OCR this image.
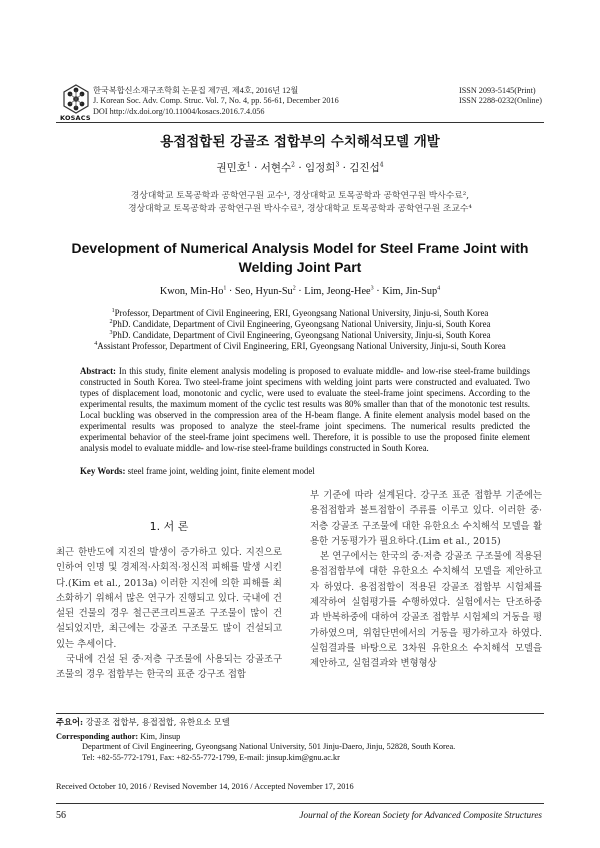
KOSACS
한국복합신소재구조학회 논문집 제7권, 제4호, 2016년 12월
J. Korean Soc. Adv. Comp. Struc. Vol. 7, No. 4, pp. 56-61, December 2016
DOI http://dx.doi.org/10.11004/kosacs.2016.7.4.056
ISSN 2093-5145(Print)
ISSN 2288-0232(Online)
용접접합된 강골조 접합부의 수치해석모델 개발
권민호$^1$ · 서현수$^2$ · 임정희$^3$ · 김진섭$^4$
경상대학교 토목공학과 공학연구원 교수¹, 경상대학교 토목공학과 공학연구원 박사수료²,
경상대학교 토목공학과 공학연구원 박사수료³, 경상대학교 토목공학과 공학연구원 조교수⁴
Development of Numerical Analysis Model for Steel Frame Joint with
Welding Joint Part
Kwon, Min-$Ho^1$ · Seo, Hyun-$Su^2$ · Lim, Jeong-Hee$^3$ · Kim, Jin-Sup$^4$
$^1$Professor, Department of Civil Engineering, ERI, Gyeongsang National University, Jinju-si, South Korea
$^2$PhD. Candidate, Department of Civil Engineering, Gyeongsang National University, Jinju-si, South Korea
$^3$PhD. Candidate, Department of Civil Engineering, Gyeongsang National University, Jinju-si, South Korea
$^4$Assistant Professor, Department of Civil Engineering, ERI, Gyeongsang National University, Jinju-si, South Korea
Abstract: In this study, finite element analysis modeling is proposed to evaluate middle- and low-rise steel-frame buildings constructed in South Korea. Two steel-frame joint specimens with welding joint parts were constructed and evaluated. Two types of displacement load, monotonic and cyclic, were used to evaluate the steel-frame joint specimens. According to the experimental results, the maximum moment of the cyclic test results was 80% smaller than that of the monotonic test results. Local buckling was observed in the compression area of the H-beam flange. A finite element analysis model based on the experimental results was proposed to analyze the steel-frame joint specimens. The numerical results predicted the experimental behavior of the steel-frame joint specimens well. Therefore, it is possible to use the proposed finite element analysis model to evaluate middle- and low-rise steel-frame buildings constructed in South Korea.
Key Words: steel frame joint, welding joint, finite element model
1. 서 론

최근 한반도에 지진의 발생이 증가하고 있다. 지진으로 인하여 인명 및 경제적·사회적·정신적 피해를 발생 시킨다.(Kim et al., 2013a) 이러한 지진에 의한 피해를 최소화하기 위해서 많은 연구가 진행되고 있다. 국내에 건설된 건물의 경우 철근콘크리트골조 구조물이 많이 건설되었지만, 최근에는 강골조 구조물도 많이 건설되고 있는 추세이다.

국내에 건설 된 중·저층 구조물에 사용되는 강골조구조물의 경우 접합부는 한국의 표준 강구조 접합

부 기준에 따라 설계된다. 강구조 표준 접합부 기준에는 용접접합과 볼트접합이 주류를 이루고 있다. 이러한 중·저층 강골조 구조물에 대한 유한요소 수치해석 모델을 활용한 거동평가가 필요하다.(Lim et al., 2015)

본 연구에서는 한국의 중·저층 강골조 구조물에 적용된 용접접합부에 대한 유한요소 수치해석 모델을 제안하고자 하였다. 용접접합이 적용된 강골조 접합부 시험체를 제작하여 실험평가를 수행하였다. 실험에서는 단조하중과 반복하중에 대하여 강골조 접합부 시험체의 거동을 평가하였으며, 위험단면에서의 거동을 평가하고자 하였다. 실험결과를 바탕으로 3차원 유한요소 수치해석 모델을 제안하고, 실험결과와 변형형상

주요어: 강골조 접합부, 용접접합, 유한요소 모델
Corresponding author: Kim, Jinsup
Department of Civil Engineering, Gyeongsang National University, 501 Jinju-Daero, Jinju, 52828, South Korea.
Tel: +82-55-772-1791, Fax: +82-55-772-1799, E-mail: jinsup.kim@gnu.ac.kr
Received October 10, 2016 / Revised November 14, 2016 / Accepted November 17, 2016
56	Journal of the Korean Society for Advanced Composite Structures
